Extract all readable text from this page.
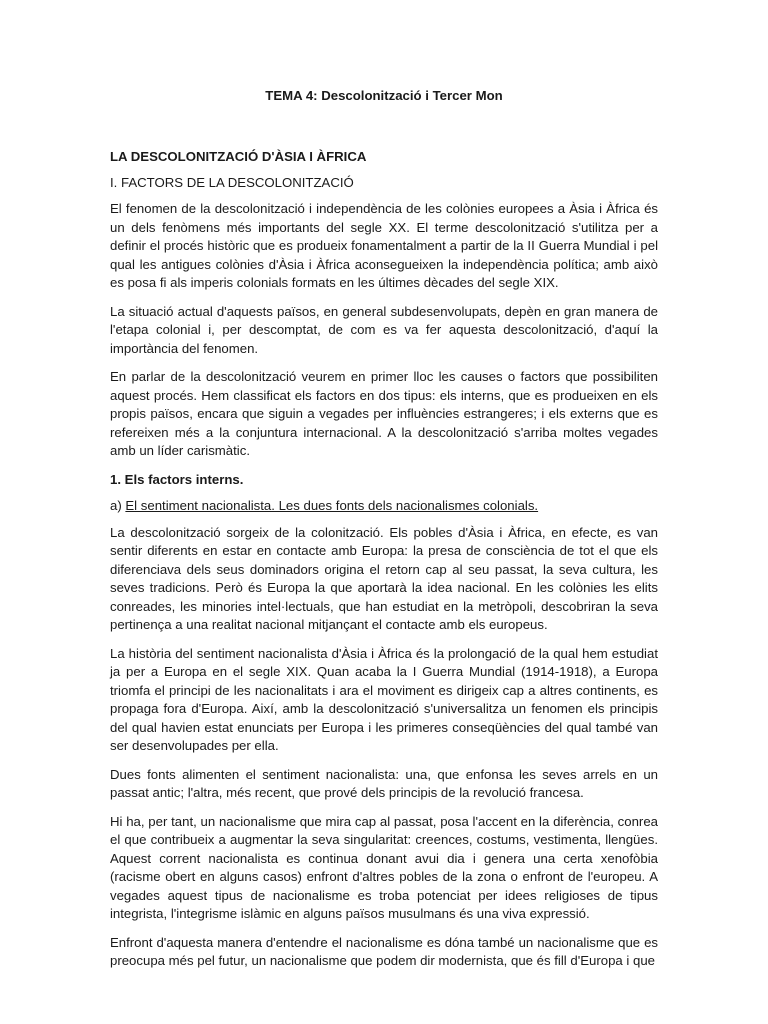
TEMA 4: Descolonització i Tercer Mon
LA DESCOLONITZACIÓ D'ÀSIA I ÀFRICA
I. FACTORS DE LA DESCOLONITZACIÓ

El fenomen de la descolonització i independència de les colònies europees a Àsia i Àfrica és un dels fenòmens més importants del segle XX. El terme descolonització s'utilitza per a definir el procés històric que es produeix fonamentalment a partir de la II Guerra Mundial i pel qual les antigues colònies d'Àsia i Àfrica aconsegueixen la independència política; amb això es posa fi als imperis colonials formats en les últimes dècades del segle XIX.

La situació actual d'aquests països, en general subdesenvolupats, depèn en gran manera de l'etapa colonial i, per descomptat, de com es va fer aquesta descolonització, d'aquí la importància del fenomen.

En parlar de la descolonització veurem en primer lloc les causes o factors que possibiliten aquest procés. Hem classificat els factors en dos tipus: els interns, que es produeixen en els propis països, encara que siguin a vegades per influències estrangeres; i els externs que es refereixen més a la conjuntura internacional. A la descolonització s'arriba moltes vegades amb un líder carismàtic.

1. Els factors interns.
a) El sentiment nacionalista. Les dues fonts dels nacionalismes colonials.

La descolonització sorgeix de la colonització. Els pobles d'Àsia i Àfrica, en efecte, es van sentir diferents en estar en contacte amb Europa: la presa de consciència de tot el que els diferenciava dels seus dominadors origina el retorn cap al seu passat, la seva cultura, les seves tradicions. Però és Europa la que aportarà la idea nacional. En les colònies les elits conreades, les minories intel·lectuals, que han estudiat en la metròpoli, descobriran la seva pertinença a una realitat nacional mitjançant el contacte amb els europeus.

La història del sentiment nacionalista d'Àsia i Àfrica és la prolongació de la qual hem estudiat ja per a Europa en el segle XIX. Quan acaba la I Guerra Mundial (1914-1918), a Europa triomfa el principi de les nacionalitats i ara el moviment es dirigeix cap a altres continents, es propaga fora d'Europa. Així, amb la descolonització s'universalitza un fenomen els principis del qual havien estat enunciats per Europa i les primeres conseqüències del qual també van ser desenvolupades per ella.

Dues fonts alimenten el sentiment nacionalista: una, que enfonsa les seves arrels en un passat antic; l'altra, més recent, que prové dels principis de la revolució francesa.

Hi ha, per tant, un nacionalisme que mira cap al passat, posa l'accent en la diferència, conrea el que contribueix a augmentar la seva singularitat: creences, costums, vestimenta, llengües. Aquest corrent nacionalista es continua donant avui dia i genera una certa xenofòbia (racisme obert en alguns casos) enfront d'altres pobles de la zona o enfront de l'europeu. A vegades aquest tipus de nacionalisme es troba potenciat per idees religioses de tipus integrista, l'integrisme islàmic en alguns països musulmans és una viva expressió.

Enfront d'aquesta manera d'entendre el nacionalisme es dóna també un nacionalisme que es preocupa més pel futur, un nacionalisme que podem dir modernista, que és fill d'Europa i que
